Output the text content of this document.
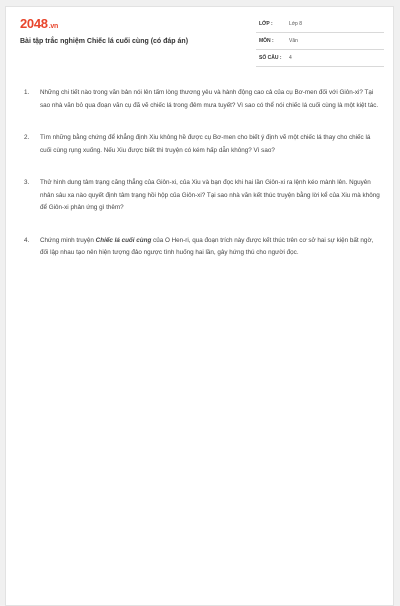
2048.vn
Bài tập trắc nghiệm Chiếc lá cuối cùng (có đáp án)
LỚP :	Lớp 8
MÔN :	Văn
SỐ CÂU : 4
1. Những chi tiết nào trong văn bản nói lên tấm lòng thương yêu và hành động cao cả của cụ Bơ-men đối với Giôn-xi? Tại sao nhà văn bỏ qua đoạn văn cụ đã vẽ chiếc lá trong đêm mưa tuyết? Vì sao có thể nói chiếc lá cuối cùng là một kiệt tác.
2. Tìm những bằng chứng để khẳng định Xiu không hề được cụ Bơ-men cho biết ý định vẽ một chiếc lá thay cho chiếc lá cuối cùng rụng xuống. Nếu Xiu được biết thì truyện có kém hấp dẫn không? Vì sao?
3. Thử hình dung tâm trạng căng thẳng của Giôn-xi, của Xiu và bạn đọc khi hai lần Giôn-xi ra lệnh kéo mành lên. Nguyên nhân sâu xa nào quyết định tâm trạng hồi hộp của Giôn-xi? Tại sao nhà văn kết thúc truyện bằng lời kể của Xiu mà không để Giôn-xi phản ứng gì thêm?
4. Chứng minh truyện Chiếc lá cuối cùng của O Hen-ri, qua đoạn trích này được kết thúc trên cơ sở hai sự kiện bất ngờ, đối lập nhau tạo nên hiện tượng đảo ngược tình huống hai lần, gây hứng thú cho người đọc.
